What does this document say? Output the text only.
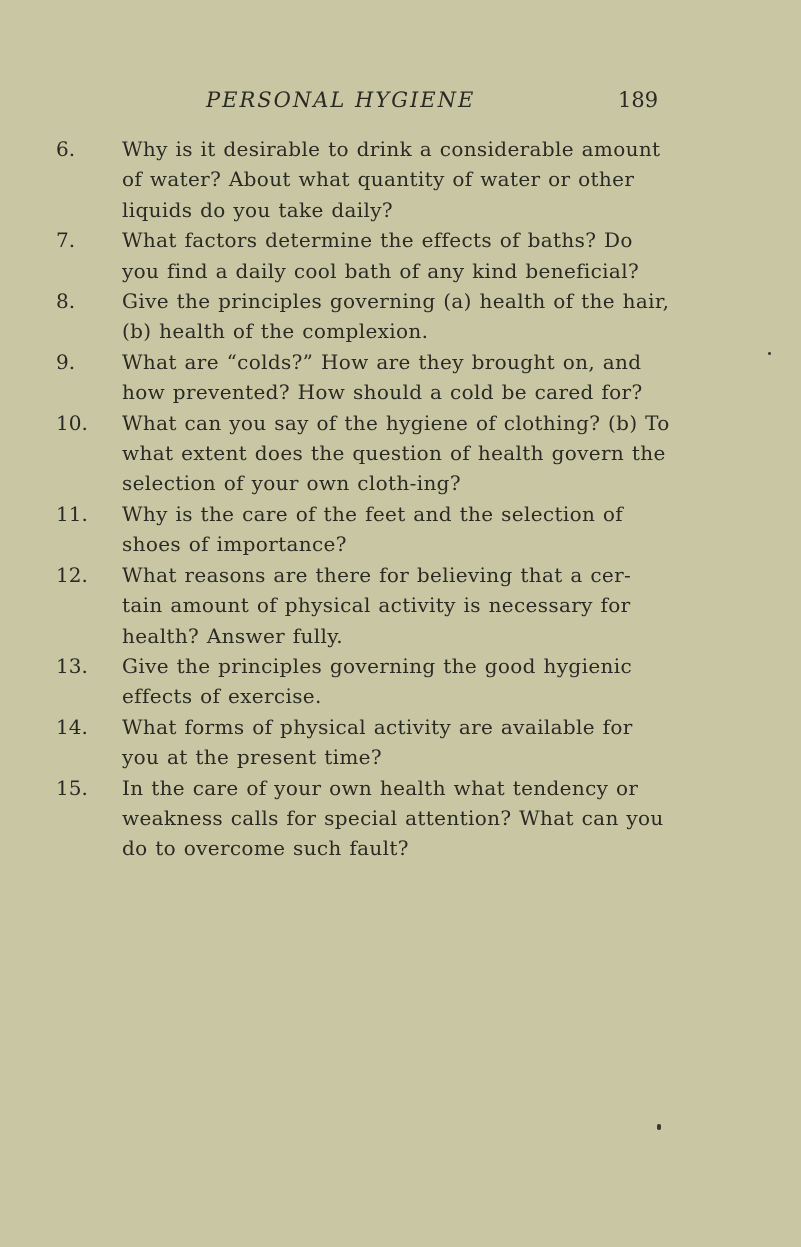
PERSONAL HYGIENE	189
6.	Why is it desirable to drink a considerable amount of water? About what quantity of water or other liquids do you take daily?
7.	What factors determine the effects of baths? Do you find a daily cool bath of any kind beneficial?
8.	Give the principles governing (a) health of the hair, (b) health of the complexion.
9.	What are “colds?” How are they brought on, and how prevented? How should a cold be cared for?
10.	What can you say of the hygiene of clothing? (b) To what extent does the question of health govern the selection of your own cloth-ing?
11.	Why is the care of the feet and the selection of shoes of importance?
12.	What reasons are there for believing that a cer-tain amount of physical activity is necessary for health? Answer fully.
13.	Give the principles governing the good hygienic effects of exercise.
14.	What forms of physical activity are available for you at the present time?
15.	In the care of your own health what tendency or weakness calls for special attention? What can you do to overcome such fault?
